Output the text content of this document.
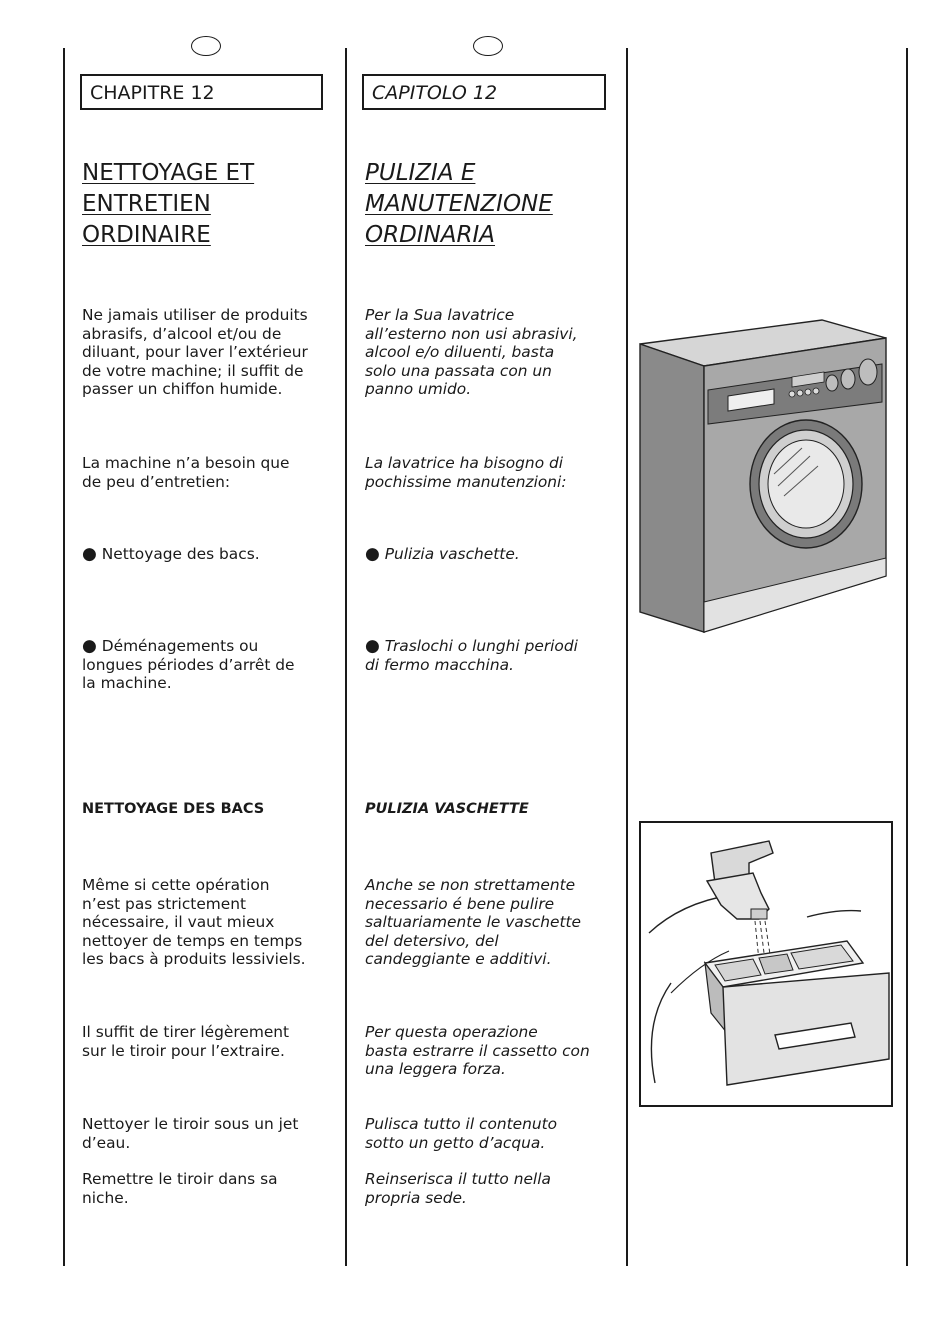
CHAPITRE 12
NETTOYAGE ET
ENTRETIEN
ORDINAIRE

Ne jamais utiliser de produits
abrasifs, d’alcool et/ou de
diluant, pour laver l’extérieur
de votre machine; il suffit de
passer un chiffon humide.

La machine n’a besoin que
de peu d’entretien:

● Nettoyage des bacs.

● Déménagements ou
longues périodes d’arrêt de
la machine.

NETTOYAGE DES BACS

Même si cette opération
n’est pas strictement
nécessaire, il vaut mieux
nettoyer de temps en temps
les bacs à produits lessiviels.

Il suffit de tirer légèrement
sur le tiroir pour l’extraire.

Nettoyer le tiroir sous un jet
d’eau.

Remettre le tiroir dans sa
niche.

CAPITOLO 12
PULIZIA E
MANUTENZIONE
ORDINARIA

Per la Sua lavatrice
all’esterno non usi abrasivi,
alcool e/o diluenti, basta
solo una passata con un
panno umido.

La lavatrice ha bisogno di
pochissime manutenzioni:

● Pulizia vaschette.

● Traslochi o lunghi periodi
di fermo macchina.

PULIZIA VASCHETTE

Anche se non strettamente
necessario é bene pulire
saltuariamente le vaschette
del detersivo, del
candeggiante e additivi.

Per questa operazione
basta estrarre il cassetto con
una leggera forza.

Pulisca tutto il contenuto
sotto un getto d’acqua.

Reinserisca il tutto nella
propria sede.
